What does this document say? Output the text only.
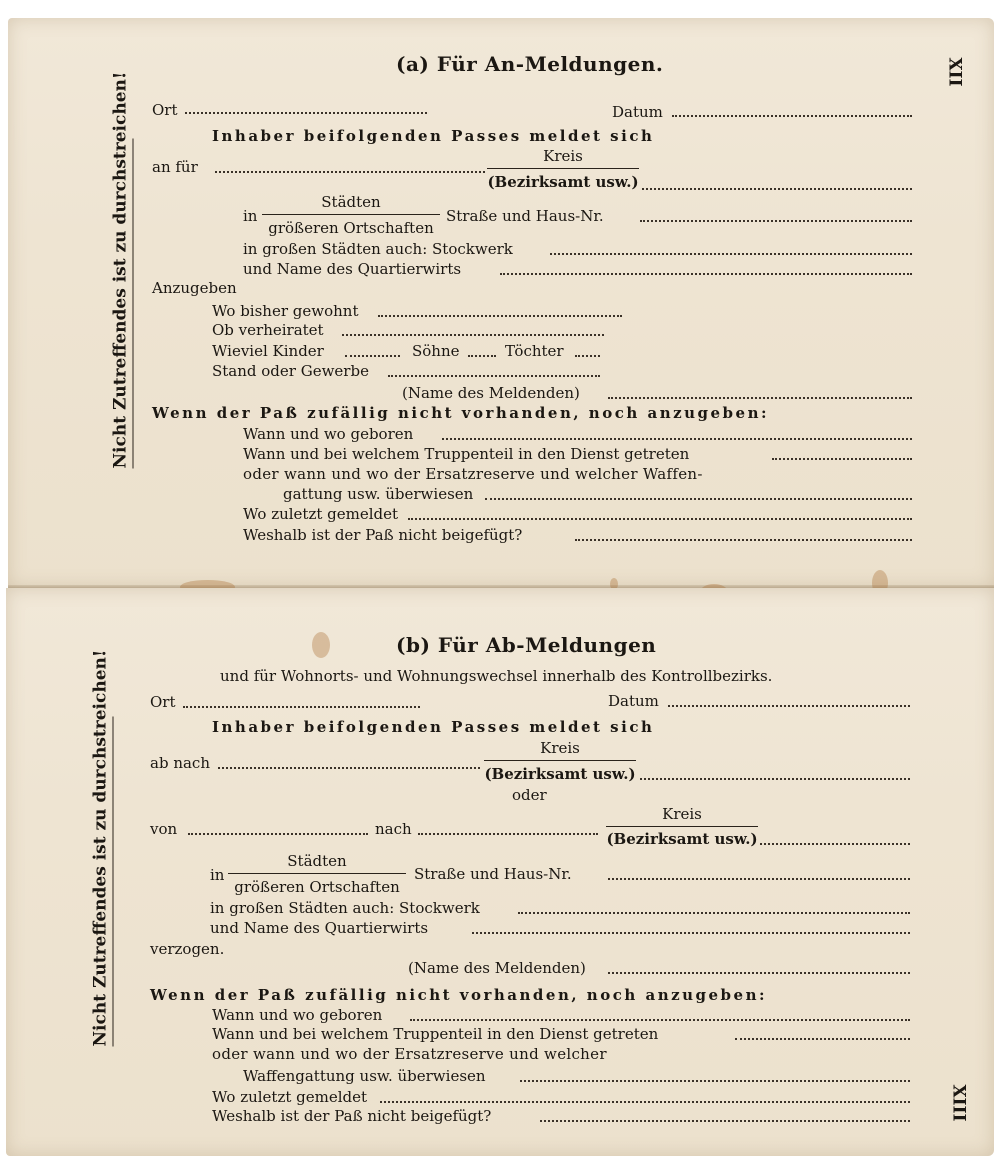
(a) Für An-Meldungen.	XII
Nicht Zutreffendes ist zu durchstreichen! Ort	Datum
Inhaber beifolgenden Passes meldet sich
an für
Kreis
(Bezirksamt usw.)
in
Städten
größeren Ortschaften
Straße und Haus-Nr.
in großen Städten auch: Stockwerk
und Name des Quartierwirts
Anzugeben
Wo bisher gewohnt
Ob verheiratet
Wieviel Kinder	Söhne	Töchter
Stand oder Gewerbe
(Name des Meldenden)
Wenn der Paß zufällig nicht vorhanden, noch anzugeben:
Wann und wo geboren
Wann und bei welchem Truppenteil in den Dienst getreten
oder wann und wo der Ersatzreserve und welcher Waffen-
gattung usw. überwiesen
Wo zuletzt gemeldet
Weshalb ist der Paß nicht beigefügt?
(b) Für Ab-Meldungen
und für Wohnorts- und Wohnungswechsel innerhalb des Kontrollbezirks.
XIII
Nicht Zutreffendes ist zu durchstreichen!	Ort	Datum
Inhaber beifolgenden Passes meldet sich
ab nach
Kreis
(Bezirksamt usw.)
oder
von	nach
Kreis
(Bezirksamt usw.)
in
Städten
größeren Ortschaften
Straße und Haus-Nr.
in großen Städten auch: Stockwerk
und Name des Quartierwirts
verzogen.
(Name des Meldenden)
Wenn der Paß zufällig nicht vorhanden, noch anzugeben:
Wann und wo geboren
Wann und bei welchem Truppenteil in den Dienst getreten
oder wann und wo der Ersatzreserve und welcher
Waffengattung usw. überwiesen
Wo zuletzt gemeldet
Weshalb ist der Paß nicht beigefügt?
